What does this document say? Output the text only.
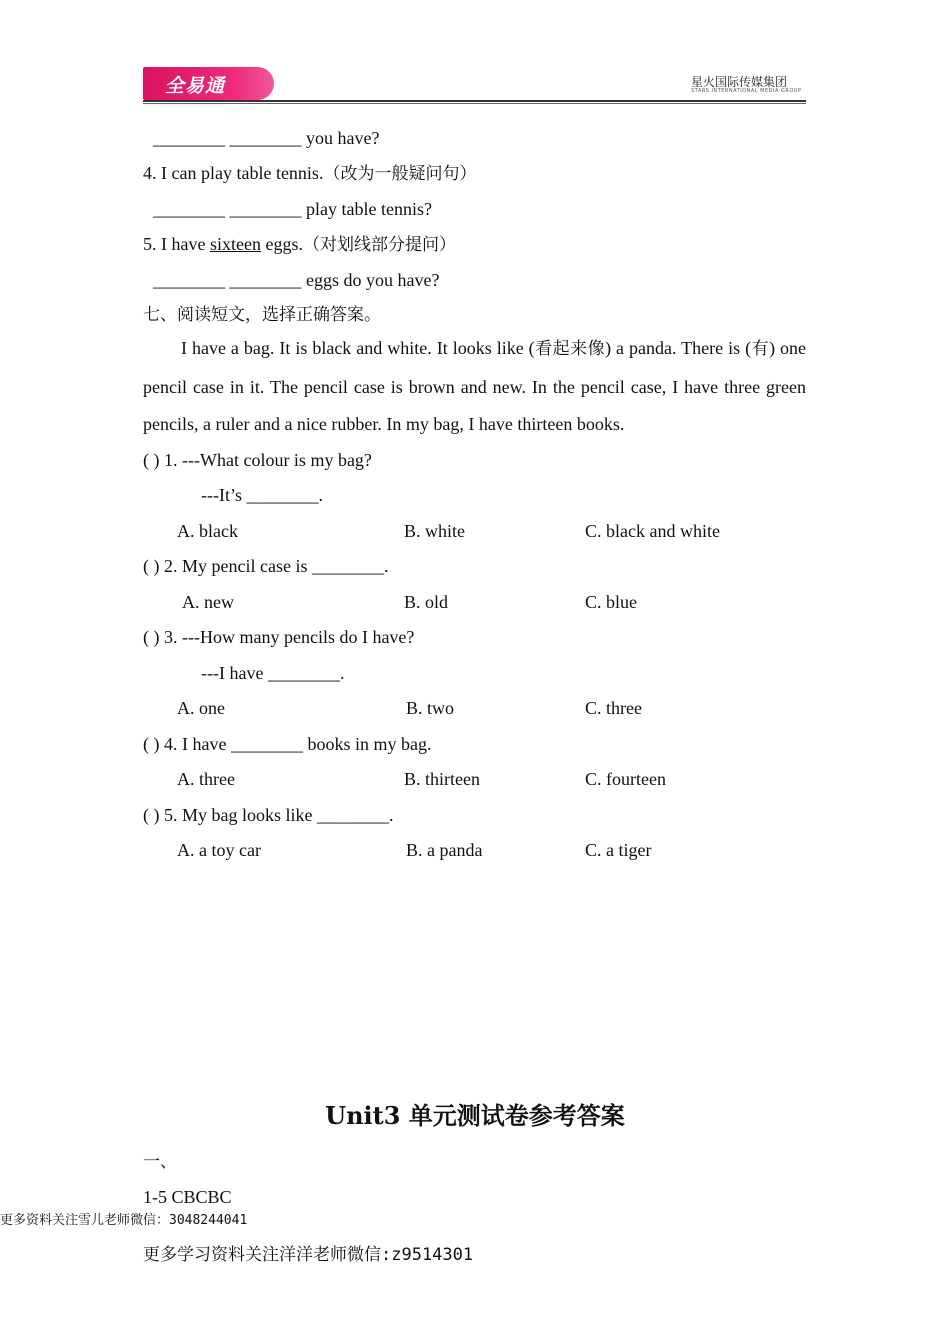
全易通	星火国际传媒集团
STARS INTERNATIONAL MEDIA GROUP
________ ________ you have?
4. I can play table tennis.（改为一般疑问句）
________ ________ play table tennis?
5. I have sixteen eggs.（对划线部分提问）
________ ________ eggs do you have?
七、阅读短文，选择正确答案。
I have a bag. It is black and white. It looks like (看起来像) a panda. There is (有) one pencil case in it. The pencil case is brown and new. In the pencil case, I have three green pencils, a ruler and a nice rubber. In my bag, I have thirteen books.
( ) 1. ---What colour is my bag?
---It’s ________.
A. black	B. white	C. black and white
( ) 2. My pencil case is ________.
A. new	B. old	C. blue
( ) 3. ---How many pencils do I have?
---I have ________.
A. one	B. two	C. three
( ) 4. I have ________ books in my bag.
A. three	B. thirteen	C. fourteen
( ) 5. My bag looks like ________.
A. a toy car	B. a panda	C. a tiger
Unit3 单元测试卷参考答案
一、
1-5 CBCBC
更多资料关注雪儿老师微信：3048244041
更多学习资料关注洋洋老师微信:z9514301
